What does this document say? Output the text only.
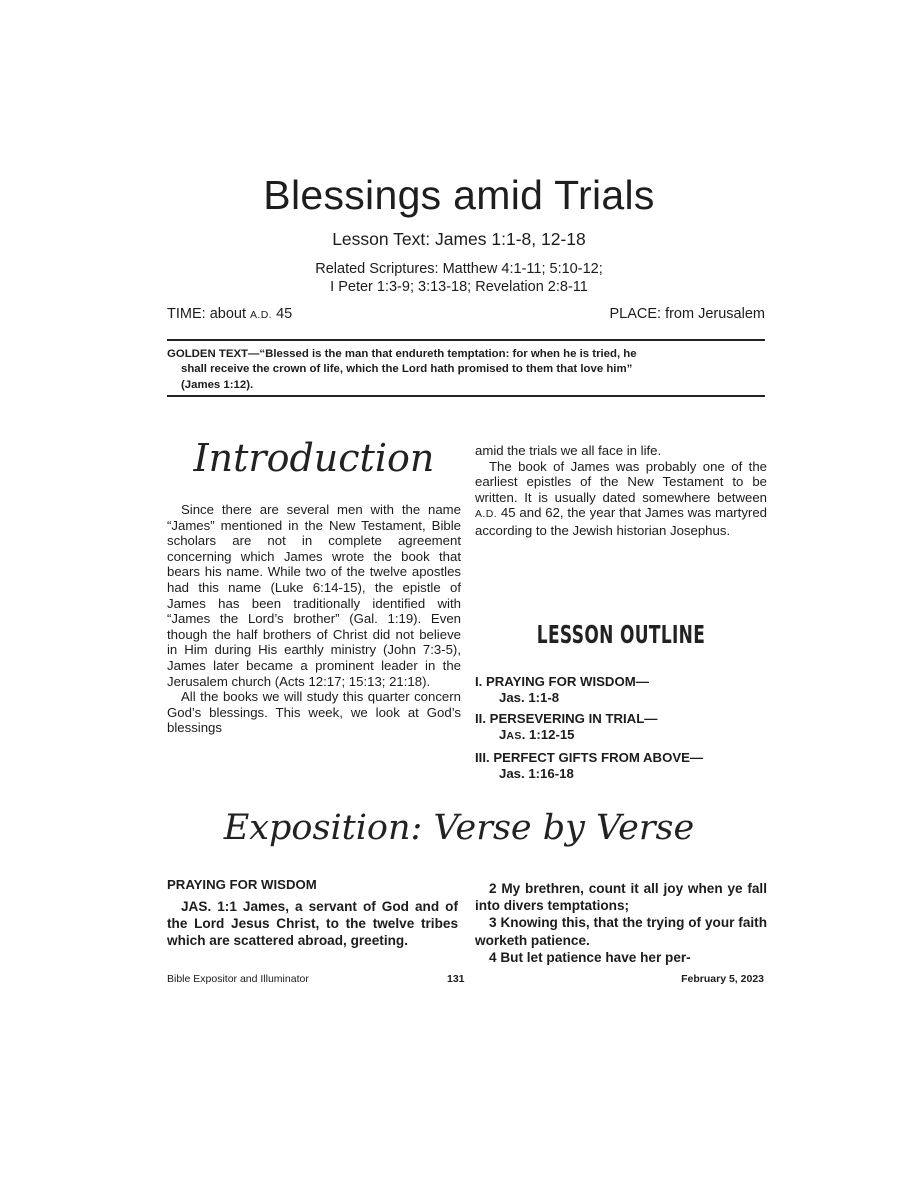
Blessings amid Trials
Lesson Text: James 1:1-8, 12-18
Related Scriptures: Matthew 4:1-11; 5:10-12;
I Peter 1:3-9; 3:13-18; Revelation 2:8-11
TIME: about A.D. 45	PLACE: from Jerusalem
GOLDEN TEXT—“Blessed is the man that endureth temptation: for when he is tried, he
shall receive the crown of life, which the Lord hath promised to them that love him”
(James 1:12).
Introduction

Since there are several men with the name “James” mentioned in the New Testament, Bible scholars are not in complete agreement concerning which James wrote the book that bears his name. While two of the twelve apostles had this name (Luke 6:14-15), the epistle of James has been traditionally identified with “James the Lord’s brother” (Gal. 1:19). Even though the half brothers of Christ did not believe in Him during His earthly ministry (John 7:3-5), James later became a prominent leader in the Jerusalem church (Acts 12:17; 15:13; 21:18).

All the books we will study this quarter concern God’s blessings. This week, we look at God’s blessings

amid the trials we all face in life.

The book of James was probably one of the earliest epistles of the New Testament to be written. It is usually dated somewhere between A.D. 45 and 62, the year that James was martyred according to the Jewish historian Josephus.

LESSON OUTLINE
I. PRAYING FOR WISDOM—
Jas. 1:1-8
II. PERSEVERING IN TRIAL—
JAS. 1:12-15
III. PERFECT GIFTS FROM ABOVE—
Jas. 1:16-18
Exposition: Verse by Verse
PRAYING FOR WISDOM

JAS. 1:1 James, a servant of God and of the Lord Jesus Christ, to the twelve tribes which are scattered abroad, greeting.

2 My brethren, count it all joy when ye fall into divers temptations;

3 Knowing this, that the trying of your faith worketh patience.

4 But let patience have her per-

Bible Expositor and Illuminator	131	February 5, 2023
